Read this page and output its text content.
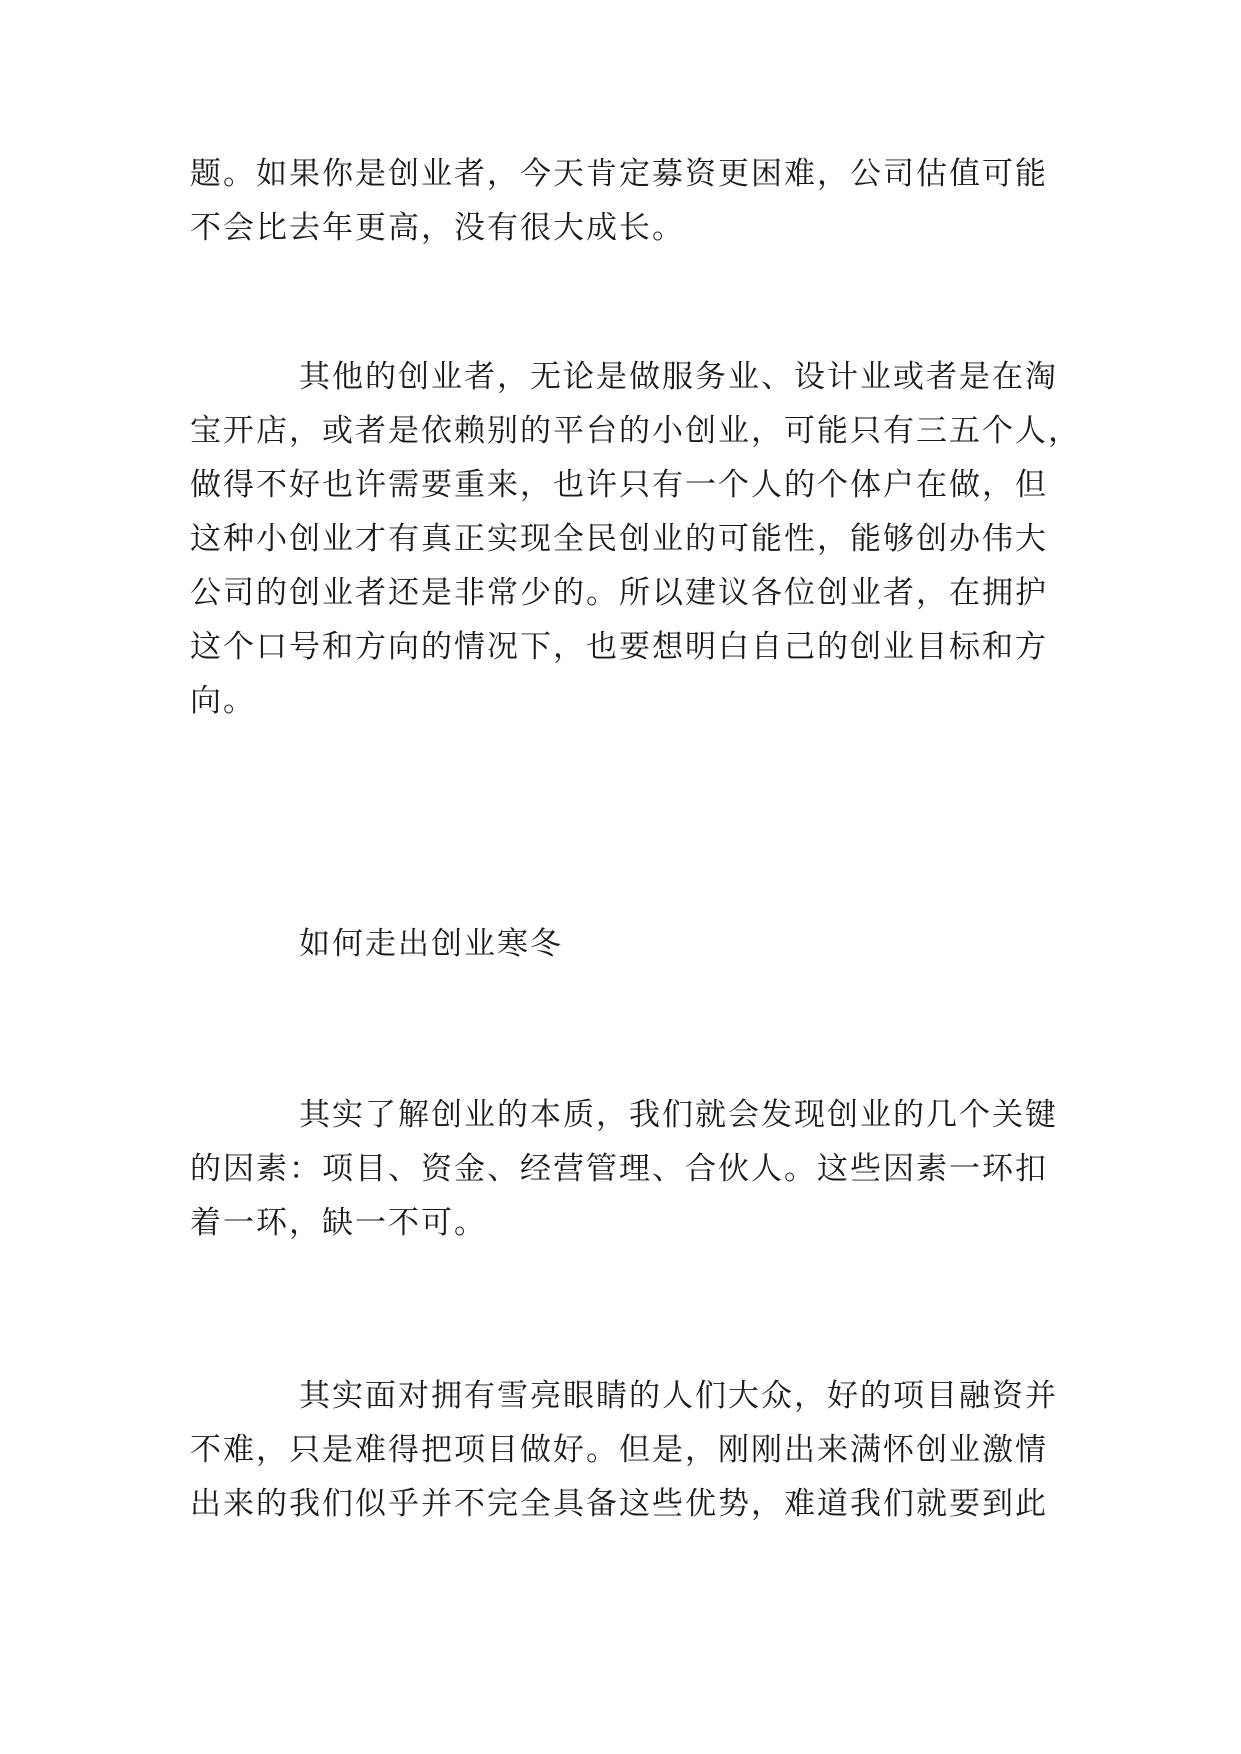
题。如果你是创业者，今天肯定募资更困难，公司估值可能
不会比去年更高，没有很大成长。

其他的创业者，无论是做服务业、设计业或者是在淘
宝开店，或者是依赖别的平台的小创业，可能只有三五个人，
做得不好也许需要重来，也许只有一个人的个体户在做，但
这种小创业才有真正实现全民创业的可能性，能够创办伟大
公司的创业者还是非常少的。所以建议各位创业者，在拥护
这个口号和方向的情况下，也要想明白自己的创业目标和方
向。

如何走出创业寒冬

其实了解创业的本质，我们就会发现创业的几个关键
的因素：项目、资金、经营管理、合伙人。这些因素一环扣
着一环，缺一不可。

其实面对拥有雪亮眼睛的人们大众，好的项目融资并
不难，只是难得把项目做好。但是，刚刚出来满怀创业激情
出来的我们似乎并不完全具备这些优势，难道我们就要到此
